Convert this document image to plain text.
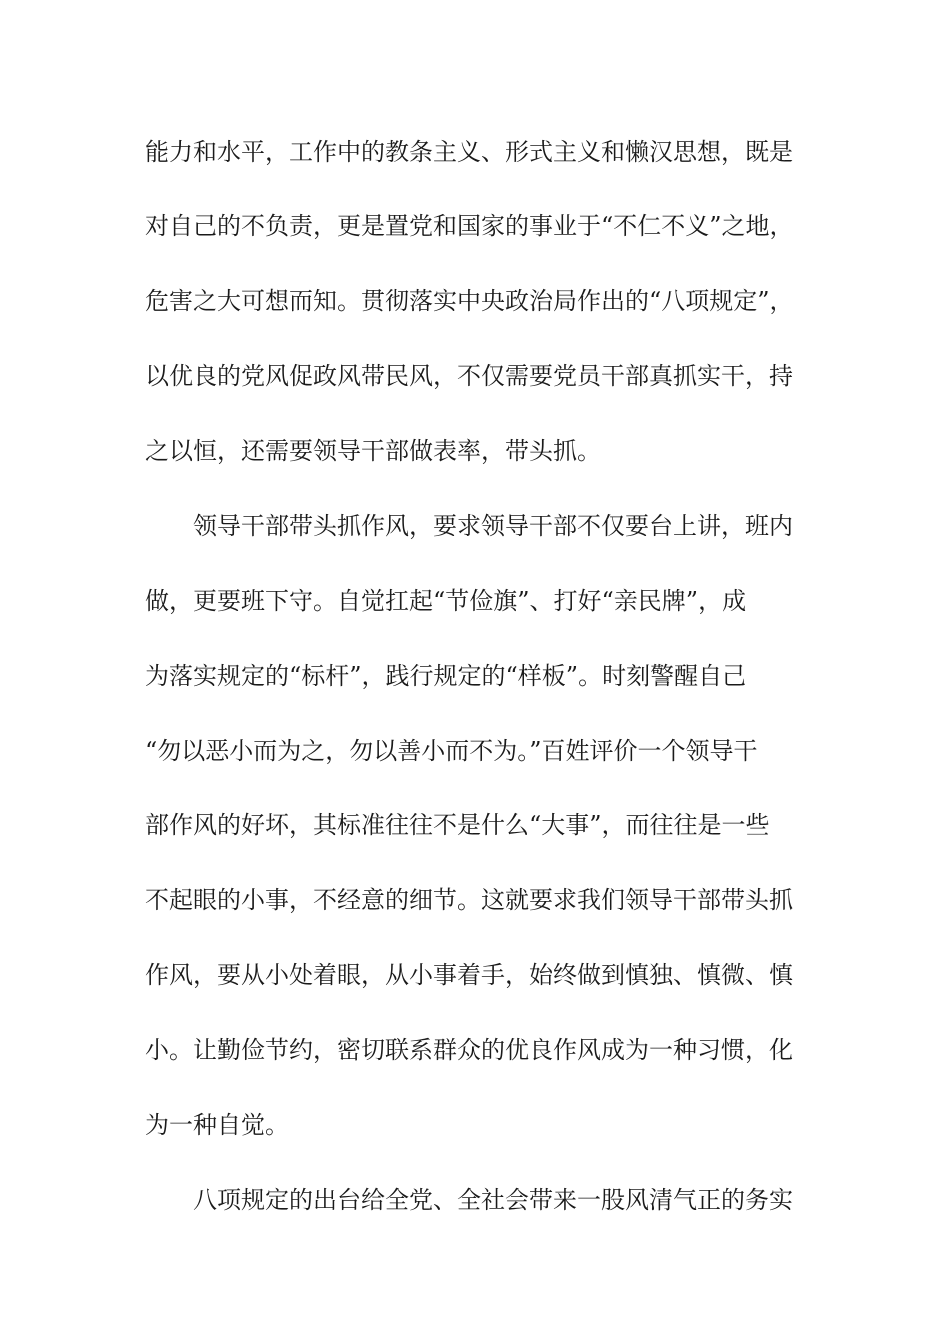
能力和水平，工作中的教条主义、形式主义和懒汉思想，既是
对自己的不负责，更是置党和国家的事业于“不仁不义”之地，
危害之大可想而知。贯彻落实中央政治局作出的“八项规定”，
以优良的党风促政风带民风，不仅需要党员干部真抓实干，持
之以恒，还需要领导干部做表率，带头抓。
领导干部带头抓作风，要求领导干部不仅要台上讲，班内
做，更要班下守。自觉扛起“节俭旗”、打好“亲民牌”，成
为落实规定的“标杆”，践行规定的“样板”。时刻警醒自己
“勿以恶小而为之，勿以善小而不为。”百姓评价一个领导干
部作风的好坏，其标准往往不是什么“大事”，而往往是一些
不起眼的小事，不经意的细节。这就要求我们领导干部带头抓
作风，要从小处着眼，从小事着手，始终做到慎独、慎微、慎
小。让勤俭节约，密切联系群众的优良作风成为一种习惯，化
为一种自觉。
八项规定的出台给全党、全社会带来一股风清气正的务实
